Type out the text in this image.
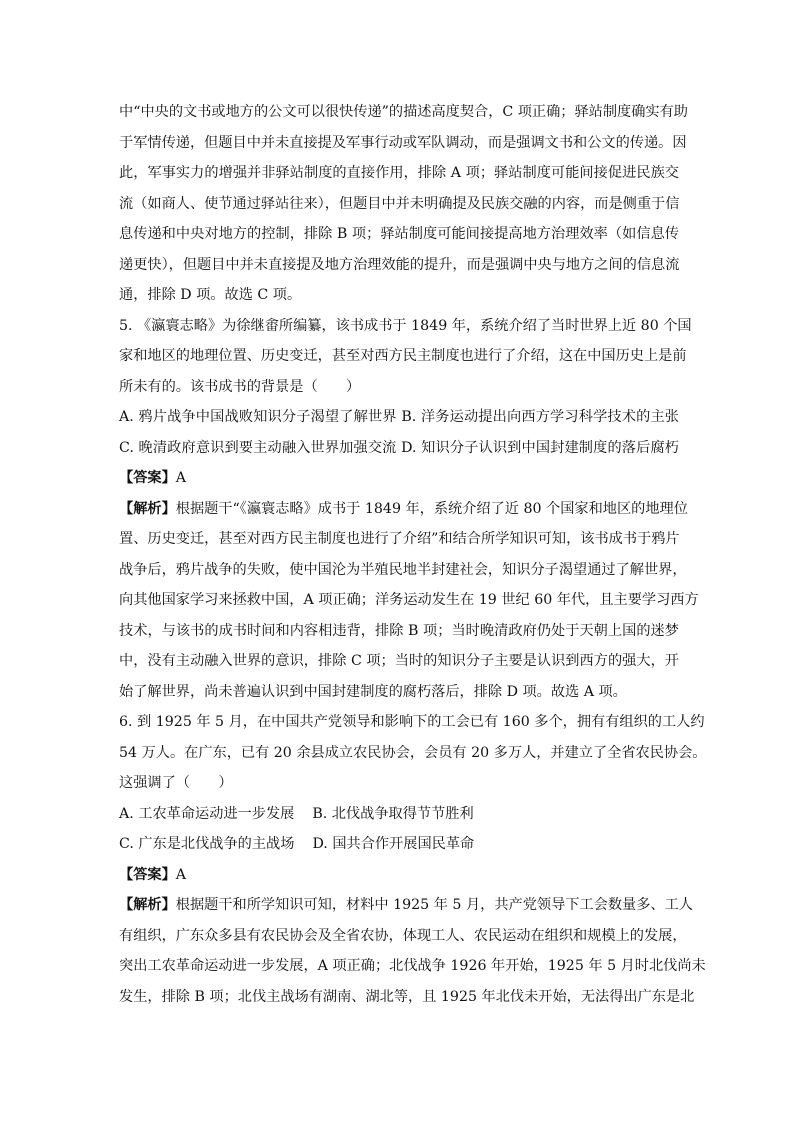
中“中央的文书或地方的公文可以很快传递”的描述高度契合，C 项正确；驿站制度确实有助
于军情传递，但题目中并未直接提及军事行动或军队调动，而是强调文书和公文的传递。因
此，军事实力的增强并非驿站制度的直接作用，排除 A 项；驿站制度可能间接促进民族交
流（如商人、使节通过驿站往来），但题目中并未明确提及民族交融的内容，而是侧重于信
息传递和中央对地方的控制，排除 B 项；驿站制度可能间接提高地方治理效率（如信息传
递更快），但题目中并未直接提及地方治理效能的提升，而是强调中央与地方之间的信息流
通，排除 D 项。故选 C 项。
5. 《瀛寰志略》为徐继畬所编纂，该书成书于 1849 年，系统介绍了当时世界上近 80 个国
家和地区的地理位置、历史变迁，甚至对西方民主制度也进行了介绍，这在中国历史上是前
所未有的。该书成书的背景是（　　）
A. 鸦片战争中国战败知识分子渴望了解世界 B. 洋务运动提出向西方学习科学技术的主张
C. 晚清政府意识到要主动融入世界加强交流 D. 知识分子认识到中国封建制度的落后腐朽
【答案】A
【解析】根据题干“《瀛寰志略》成书于 1849 年，系统介绍了近 80 个国家和地区的地理位
置、历史变迁，甚至对西方民主制度也进行了介绍”和结合所学知识可知，该书成书于鸦片
战争后，鸦片战争的失败，使中国沦为半殖民地半封建社会，知识分子渴望通过了解世界，
向其他国家学习来拯救中国，A 项正确；洋务运动发生在 19 世纪 60 年代，且主要学习西方
技术，与该书的成书时间和内容相违背，排除 B 项；当时晚清政府仍处于天朝上国的迷梦
中，没有主动融入世界的意识，排除 C 项；当时的知识分子主要是认识到西方的强大，开
始了解世界，尚未普遍认识到中国封建制度的腐朽落后，排除 D 项。故选 A 项。
6. 到 1925 年 5 月，在中国共产党领导和影响下的工会已有 160 多个，拥有有组织的工人约
54 万人。在广东，已有 20 余县成立农民协会，会员有 20 多万人，并建立了全省农民协会。
这强调了（　　）
A. 工农革命运动进一步发展 B. 北伐战争取得节节胜利
C. 广东是北伐战争的主战场 D. 国共合作开展国民革命
【答案】A
【解析】根据题干和所学知识可知，材料中 1925 年 5 月，共产党领导下工会数量多、工人
有组织，广东众多县有农民协会及全省农协，体现工人、农民运动在组织和规模上的发展，
突出工农革命运动进一步发展，A 项正确；北伐战争 1926 年开始，1925 年 5 月时北伐尚未
发生，排除 B 项；北伐主战场有湖南、湖北等，且 1925 年北伐未开始，无法得出广东是北
